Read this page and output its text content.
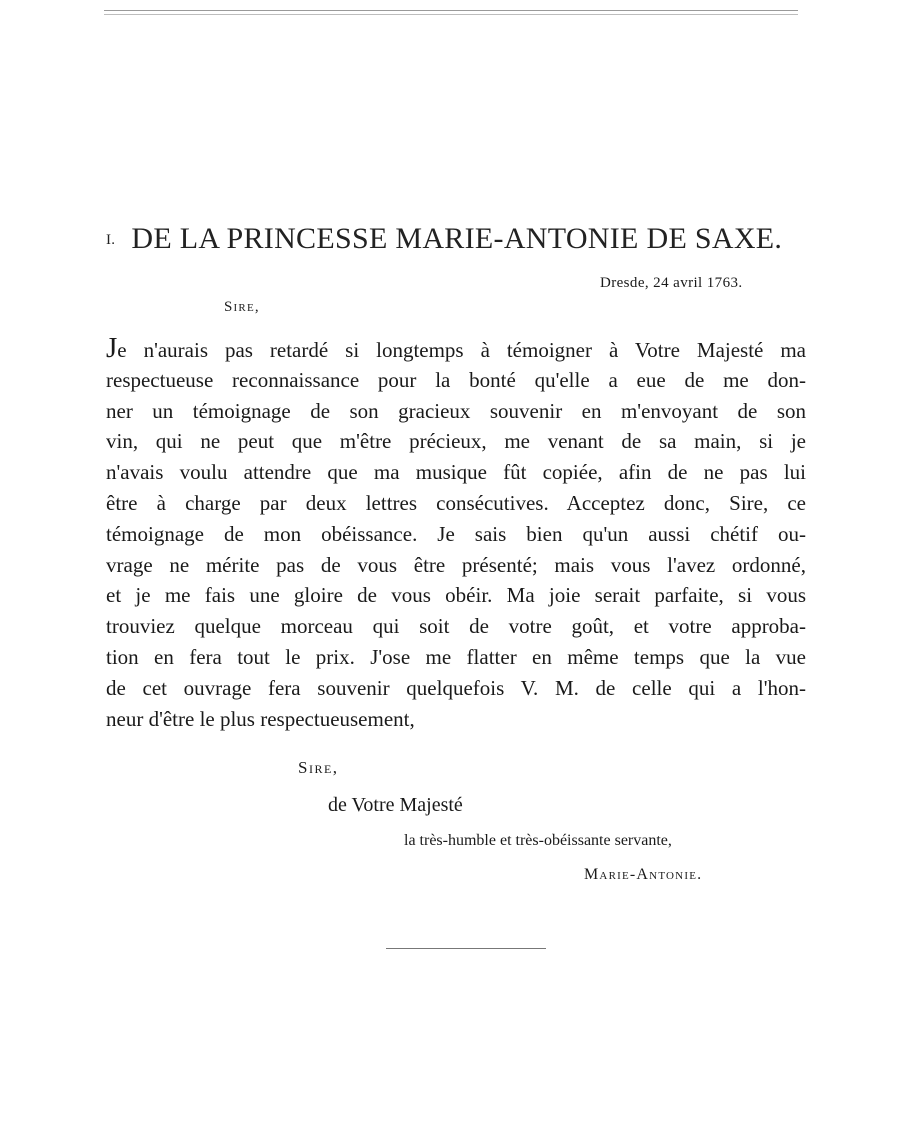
I. DE LA PRINCESSE MARIE-ANTONIE DE SAXE.
Dresde, 24 avril 1763.
Sire,
Je n'aurais pas retardé si longtemps à témoigner à Votre Majesté ma
respectueuse reconnaissance pour la bonté qu'elle a eue de me don-
ner un témoignage de son gracieux souvenir en m'envoyant de son
vin, qui ne peut que m'être précieux, me venant de sa main, si je
n'avais voulu attendre que ma musique fût copiée, afin de ne pas lui
être à charge par deux lettres consécutives. Acceptez donc, Sire, ce
témoignage de mon obéissance. Je sais bien qu'un aussi chétif ou-
vrage ne mérite pas de vous être présenté; mais vous l'avez ordonné,
et je me fais une gloire de vous obéir. Ma joie serait parfaite, si vous
trouviez quelque morceau qui soit de votre goût, et votre approba-
tion en fera tout le prix. J'ose me flatter en même temps que la vue
de cet ouvrage fera souvenir quelquefois V. M. de celle qui a l'hon-
neur d'être le plus respectueusement,
Sire,
de Votre Majesté
la très-humble et très-obéissante servante,
Marie-Antonie.
